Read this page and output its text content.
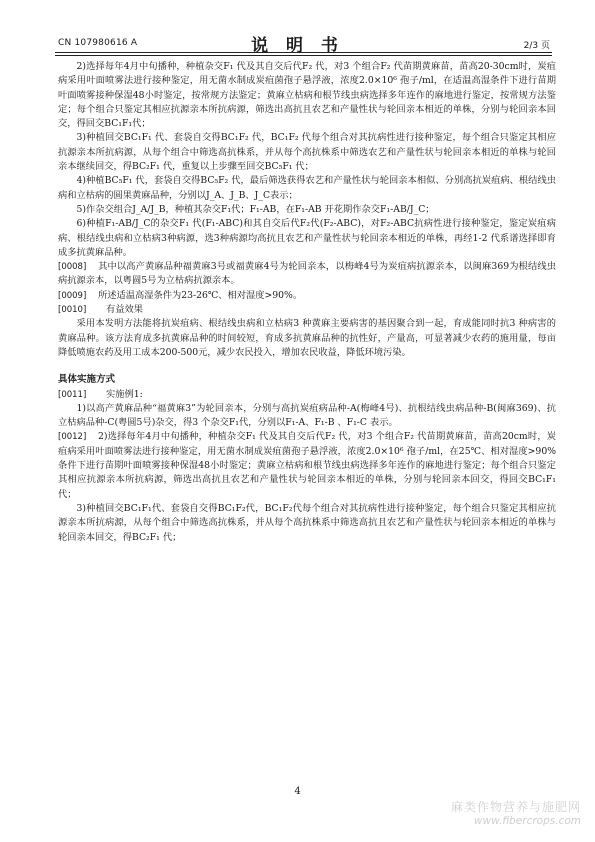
CN 107980616 A	说 明 书	2/3 页

2)选择每年4月中旬播种，种植杂交F₁ 代及其自交后代F₂ 代，对3 个组合F₂ 代苗期黄麻苗，苗高20-30cm时，炭疽病采用叶面喷雾法进行接种鉴定，用无菌水制成炭疽菌孢子悬浮液，浓度2.0×10⁶ 孢子/ml，在适温高湿条件下进行苗期叶面喷雾接种保湿48小时鉴定，按常规方法鉴定；黄麻立枯病和根节线虫病选择多年连作的麻地进行鉴定，按常规方法鉴定；每个组合只鉴定其相应抗源亲本所抗病源，筛选出高抗且农艺和产量性状与轮回亲本相近的单株，分别与轮回亲本回交，得回交BC₁F₁代；

3)种植回交BC₁F₁ 代、套袋自交得BC₁F₂ 代，BC₁F₂ 代每个组合对其抗病性进行接种鉴定，每个组合只鉴定其相应抗源亲本所抗病源，从每个组合中筛选高抗株系，并从每个高抗株系中筛选农艺和产量性状与轮回亲本相近的单株与轮回亲本继续回交，得BC₂F₁ 代，重复以上步骤至回交BC₅F₁ 代；

4)种植BC₅F₁ 代，套袋自交得BC₅F₂ 代，最后筛选获得农艺和产量性状与轮回亲本相似、分别高抗炭疽病、根结线虫病和立枯病的圆果黄麻品种，分别以J_A、J_B、J_C表示；

5)作杂交组合J_A/J_B，种植其杂交F₁代；F₁-AB，在F₁-AB 开花期作杂交F₁-AB/J_C；

6)种植F₁-AB/J_C的杂交F₁ 代(F₁-ABC)和其自交后代F₂代(F₂-ABC)，对F₂-ABC抗病性进行接种鉴定，鉴定炭疽病病、根结线虫病和立枯病3种病源，选3种病源均高抗且农艺和产量性状与轮回亲本相近的单株，再经1-2 代系谱选择即育成多抗黄麻品种。

[0008] 其中以高产黄麻品种福黄麻3号或福黄麻4号为轮回亲本，以梅峰4号为炭疽病抗源亲本，以闽麻369为根结线虫病抗源亲本，以粤圆5号为立枯病抗源亲本。

[0009] 所述适温高湿条件为23-26℃、相对湿度>90%。

[0010] 有益效果

采用本发明方法能将抗炭疽病、根结线虫病和立枯病3 种黄麻主要病害的基因聚合到一起，育成能同时抗3 种病害的黄麻品种。该方法育成多抗黄麻品种的时间较短，育成多抗黄麻品种的抗性好，产量高，可显著减少农药的施用量，每亩降低喷施农药及用工成本200-500元，减少农民投入，增加农民收益，降低环境污染。

具体实施方式

[0011] 实施例1:

1)以高产黄麻品种“福黄麻3”为轮回亲本，分别与高抗炭疽病品种-A(梅峰4号)、抗根结线虫病品种-B(闽麻369)、抗立枯病品种-C(粤圆5号)杂交，得3 个杂交F₁代，分别以F₁-A、F₁-B 、F₁-C 表示。

[0012] 2)选择每年4月中旬播种，种植杂交F₁ 代及其自交后代F₂ 代，对3 个组合F₂ 代苗期黄麻苗，苗高20cm时，炭疽病采用叶面喷雾法进行接种鉴定，用无菌水制成炭疽菌孢子悬浮液，浓度2.0×10⁶ 孢子/ml，在25℃、相对湿度>90%条件下进行苗期叶面喷雾接种保湿48小时鉴定；黄麻立枯病和根节线虫病选择多年连作的麻地进行鉴定；每个组合只鉴定其相应抗源亲本所抗病源，筛选出高抗且农艺和产量性状与轮回亲本相近的单株，分别与轮回亲本回交，得回交BC₁F₁代；

3)种植回交BC₁F₁代、套袋自交得BC₁F₂代，BC₁F₂代每个组合对其抗病性进行接种鉴定，每个组合只鉴定其相应抗源亲本所抗病源，从每个组合中筛选高抗株系，并从每个高抗株系中筛选高抗且农艺和产量性状与轮回亲本相近的单株与轮回亲本回交，得BC₂F₁ 代；

4
麻类作物营养与施肥网
www.fibercrops.com
